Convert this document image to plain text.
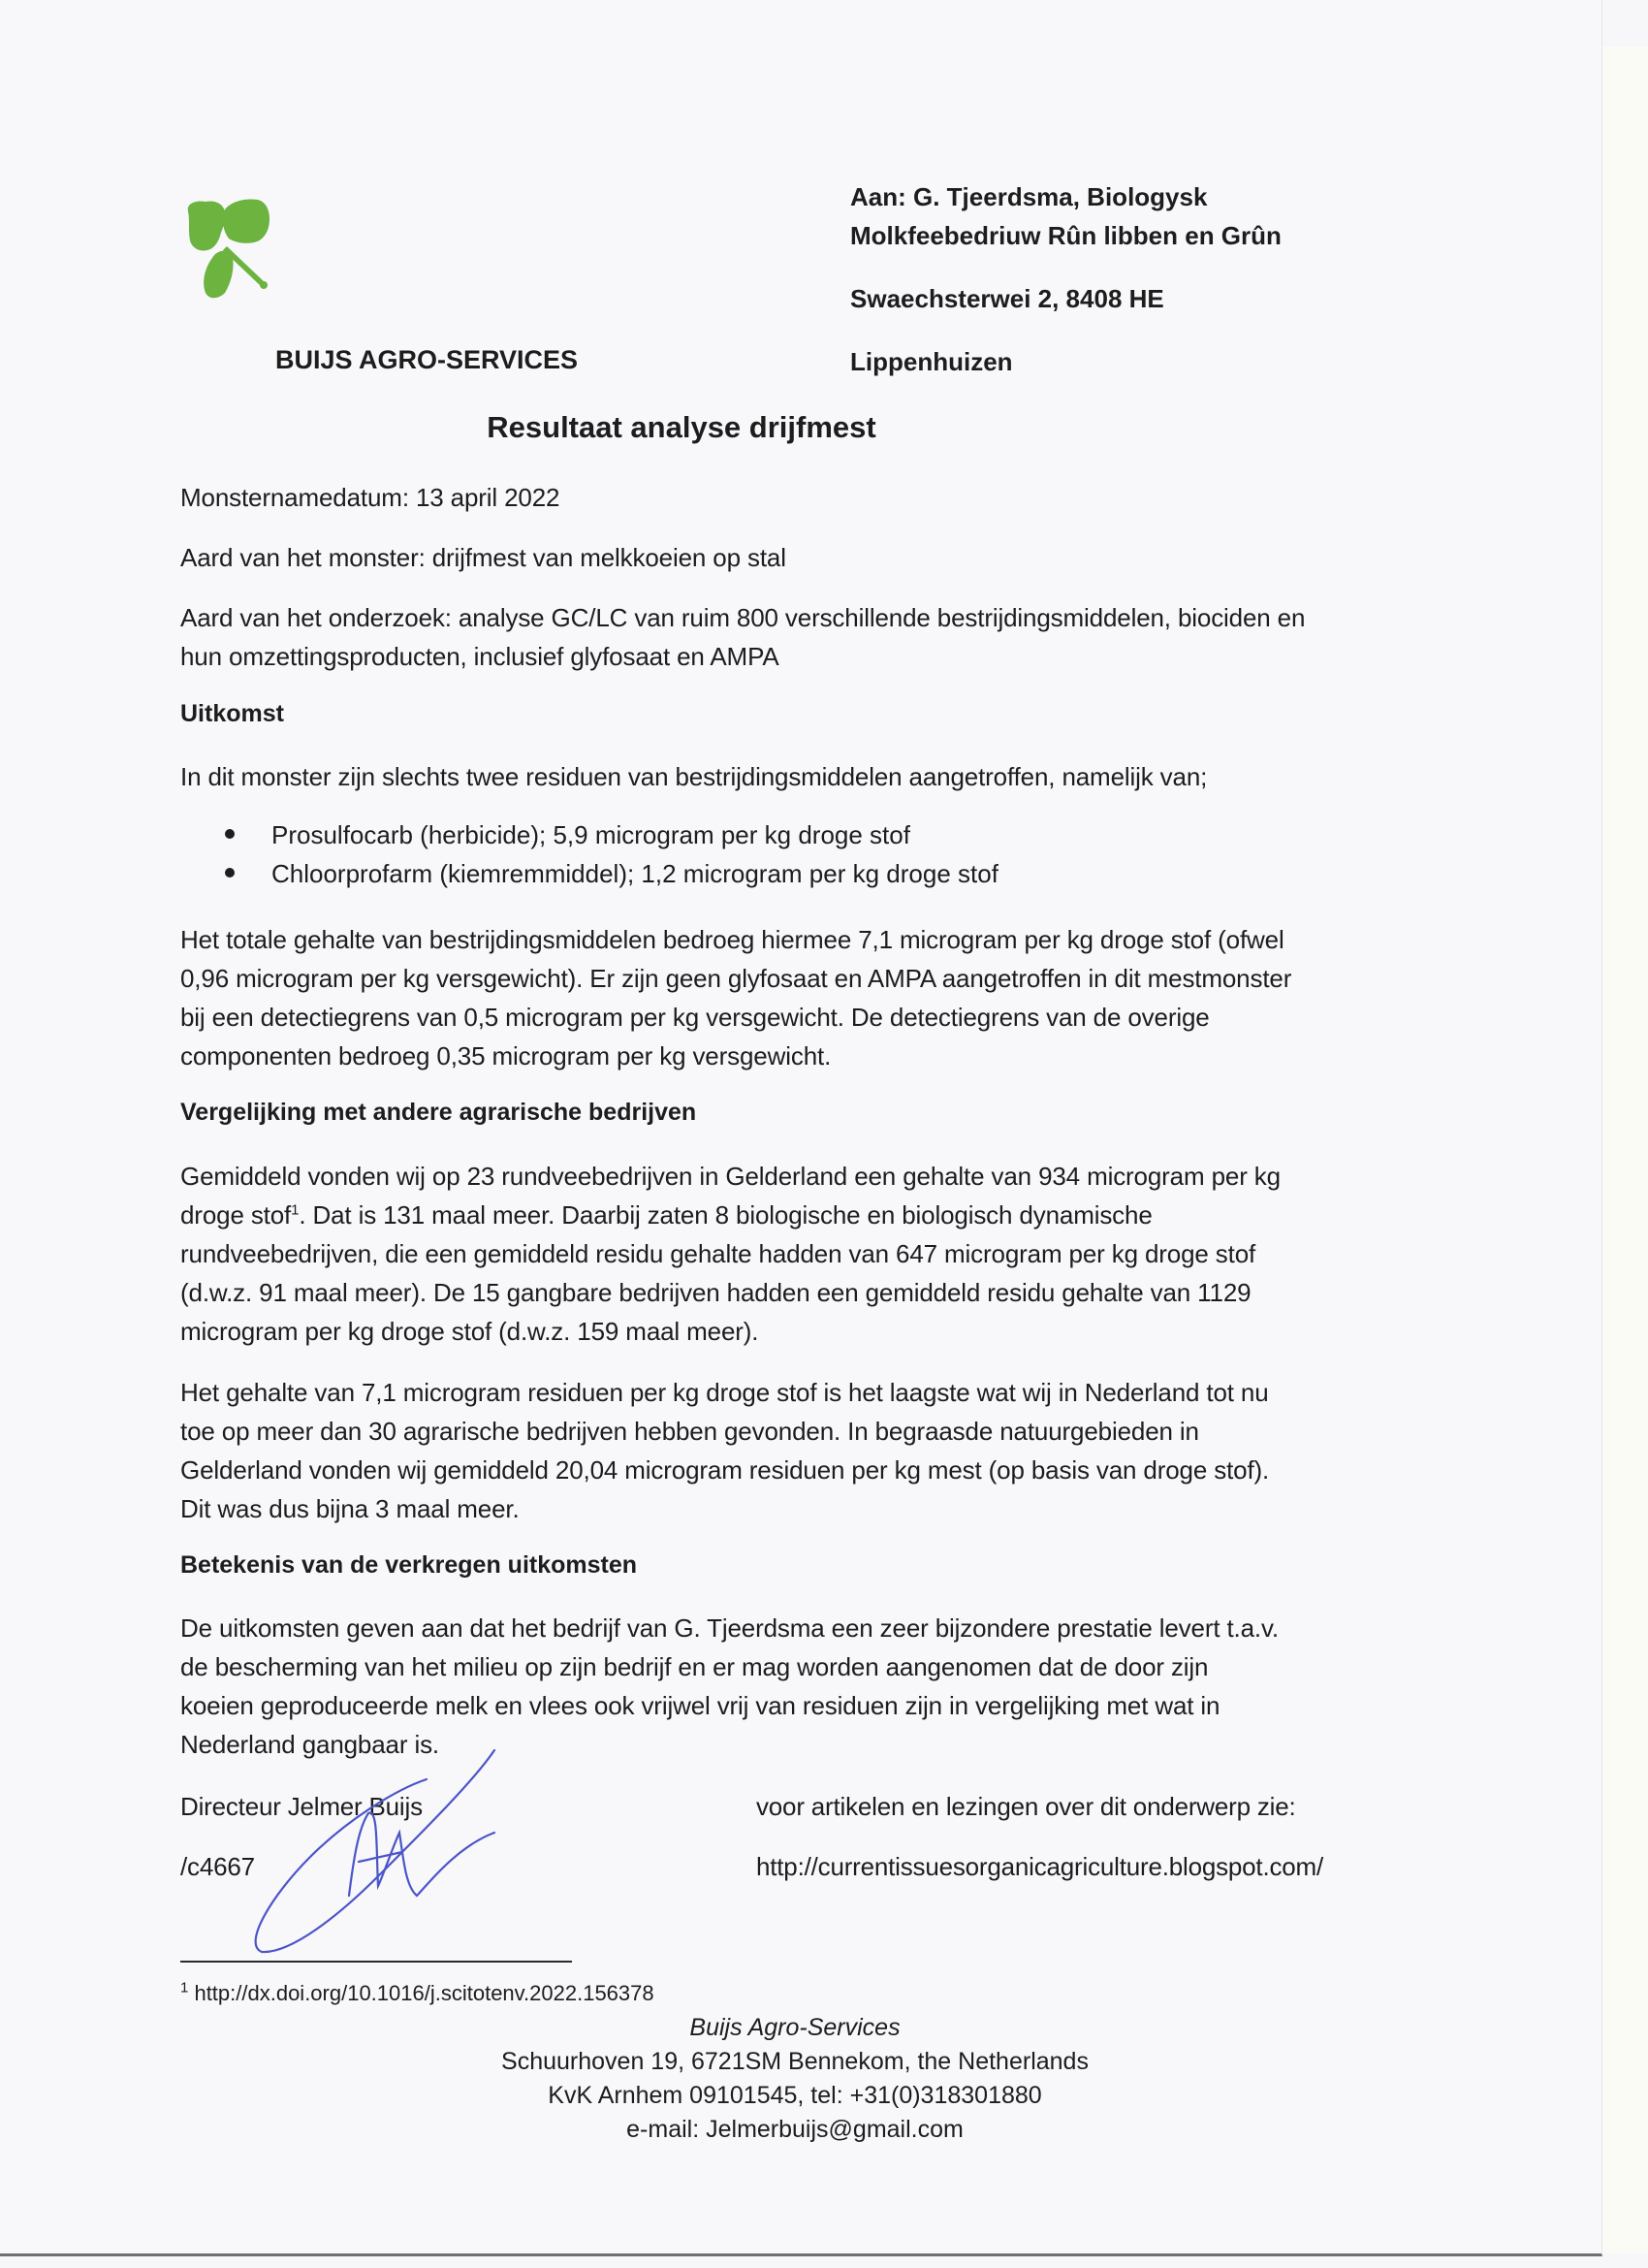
BUIJS AGRO-SERVICES
Aan: G. Tjeerdsma, Biologysk
Molkfeebedriuw Rûn libben en Grûn
Swaechsterwei 2, 8408 HE
Lippenhuizen
Resultaat analyse drijfmest
Monsternamedatum: 13 april 2022
Aard van het monster: drijfmest van melkkoeien op stal
Aard van het onderzoek: analyse GC/LC van ruim 800 verschillende bestrijdingsmiddelen, biociden en
hun omzettingsproducten, inclusief glyfosaat en AMPA
Uitkomst
In dit monster zijn slechts twee residuen van bestrijdingsmiddelen aangetroffen, namelijk van;
Prosulfocarb (herbicide); 5,9 microgram per kg droge stof
Chloorprofarm (kiemremmiddel); 1,2 microgram per kg droge stof
Het totale gehalte van bestrijdingsmiddelen bedroeg hiermee 7,1 microgram per kg droge stof (ofwel
0,96 microgram per kg versgewicht). Er zijn geen glyfosaat en AMPA aangetroffen in dit mestmonster
bij een detectiegrens van 0,5 microgram per kg versgewicht. De detectiegrens van de overige
componenten bedroeg 0,35 microgram per kg versgewicht.
Vergelijking met andere agrarische bedrijven
Gemiddeld vonden wij op 23 rundveebedrijven in Gelderland een gehalte van 934 microgram per kg
droge stof$^1$. Dat is 131 maal meer. Daarbij zaten 8 biologische en biologisch dynamische
rundveebedrijven, die een gemiddeld residu gehalte hadden van 647 microgram per kg droge stof
(d.w.z. 91 maal meer). De 15 gangbare bedrijven hadden een gemiddeld residu gehalte van 1129
microgram per kg droge stof (d.w.z. 159 maal meer).
Het gehalte van 7,1 microgram residuen per kg droge stof is het laagste wat wij in Nederland tot nu
toe op meer dan 30 agrarische bedrijven hebben gevonden. In begraasde natuurgebieden in
Gelderland vonden wij gemiddeld 20,04 microgram residuen per kg mest (op basis van droge stof).
Dit was dus bijna 3 maal meer.
Betekenis van de verkregen uitkomsten
De uitkomsten geven aan dat het bedrijf van G. Tjeerdsma een zeer bijzondere prestatie levert t.a.v.
de bescherming van het milieu op zijn bedrijf en er mag worden aangenomen dat de door zijn
koeien geproduceerde melk en vlees ook vrijwel vrij van residuen zijn in vergelijking met wat in
Nederland gangbaar is.
Directeur Jelmer Buijs
/c4667
voor artikelen en lezingen over dit onderwerp zie:
http://currentissuesorganicagriculture.blogspot.com/
$^1$ http://dx.doi.org/10.1016/j.scitotenv.2022.156378
Buijs Agro-Services
Schuurhoven 19, 6721SM Bennekom, the Netherlands
KvK Arnhem 09101545, tel: +31(0)318301880
e-mail: Jelmerbuijs@gmail.com
